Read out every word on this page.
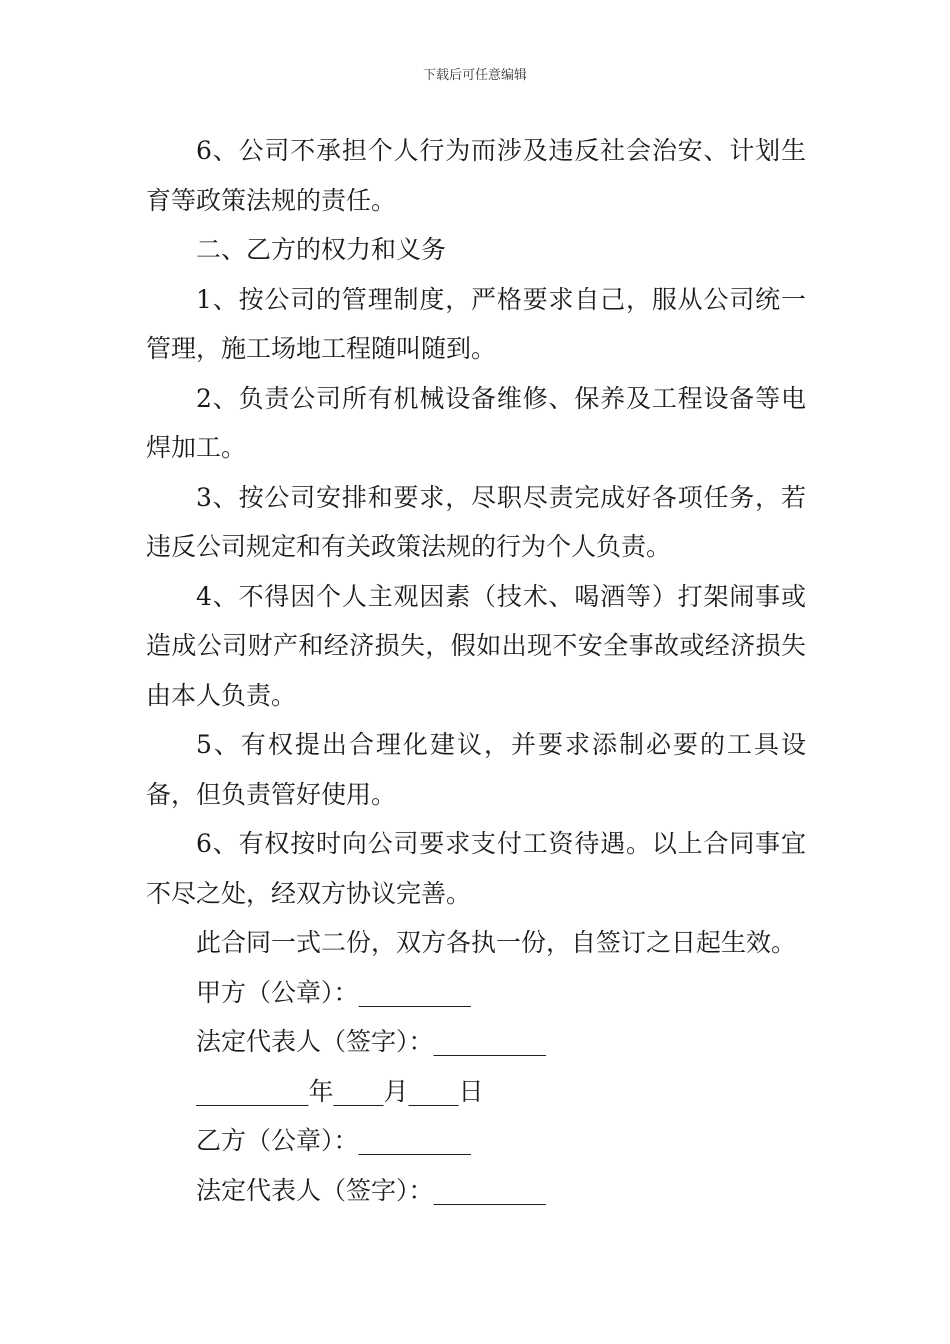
下载后可任意编辑

6、公司不承担个人行为而涉及违反社会治安、计划生育等政策法规的责任。

二、乙方的权力和义务

1、按公司的管理制度，严格要求自己，服从公司统一管理，施工场地工程随叫随到。

2、负责公司所有机械设备维修、保养及工程设备等电焊加工。

3、按公司安排和要求，尽职尽责完成好各项任务，若违反公司规定和有关政策法规的行为个人负责。

4、不得因个人主观因素（技术、喝酒等）打架闹事或造成公司财产和经济损失，假如出现不安全事故或经济损失由本人负责。

5、有权提出合理化建议，并要求添制必要的工具设备，但负责管好使用。

6、有权按时向公司要求支付工资待遇。以上合同事宜不尽之处，经双方协议完善。

此合同一式二份，双方各执一份，自签订之日起生效。

甲方（公章）：_________

法定代表人（签字）：_________

_________年____月____日

乙方（公章）：_________

法定代表人（签字）：_________
